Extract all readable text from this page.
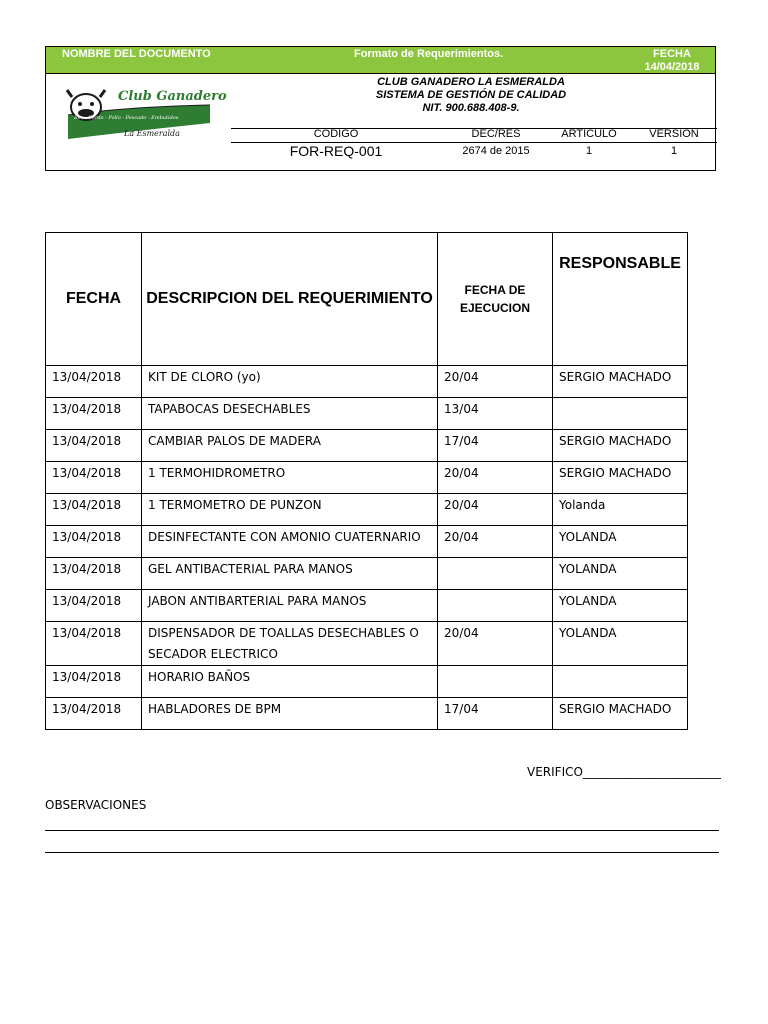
NOMBRE DEL DOCUMENTO	Formato de Requerimientos.	FECHA
14/04/2018
Club Ganadero
Res - Cerdo - Pollo - Pescado - Embutidos
La Esmeralda
CLUB GANADERO LA ESMERALDA
SISTEMA DE GESTIÓN DE CALIDAD
NIT. 900.688.408-9.
CODIGO	DEC/RES	ARTICULO	VERSION
FOR-REQ-001	2674 de 2015	1	1
FECHA	DESCRIPCION DEL REQUERIMIENTO	FECHA DE EJECUCION	RESPONSABLE
13/04/2018	KIT DE CLORO (yo)	20/04	SERGIO MACHADO
13/04/2018	TAPABOCAS DESECHABLES	13/04	
13/04/2018	CAMBIAR PALOS DE MADERA	17/04	SERGIO MACHADO
13/04/2018	1 TERMOHIDROMETRO	20/04	SERGIO MACHADO
13/04/2018	1 TERMOMETRO DE PUNZON	20/04	Yolanda
13/04/2018	DESINFECTANTE CON AMONIO CUATERNARIO	20/04	YOLANDA
13/04/2018	GEL ANTIBACTERIAL PARA MANOS		YOLANDA
13/04/2018	JABON ANTIBARTERIAL PARA MANOS		YOLANDA
13/04/2018	DISPENSADOR DE TOALLAS DESECHABLES O SECADOR ELECTRICO	20/04	YOLANDA
13/04/2018	HORARIO BAÑOS		
13/04/2018	HABLADORES DE BPM	17/04	SERGIO MACHADO
VERIFICO_______________________
OBSERVACIONES
